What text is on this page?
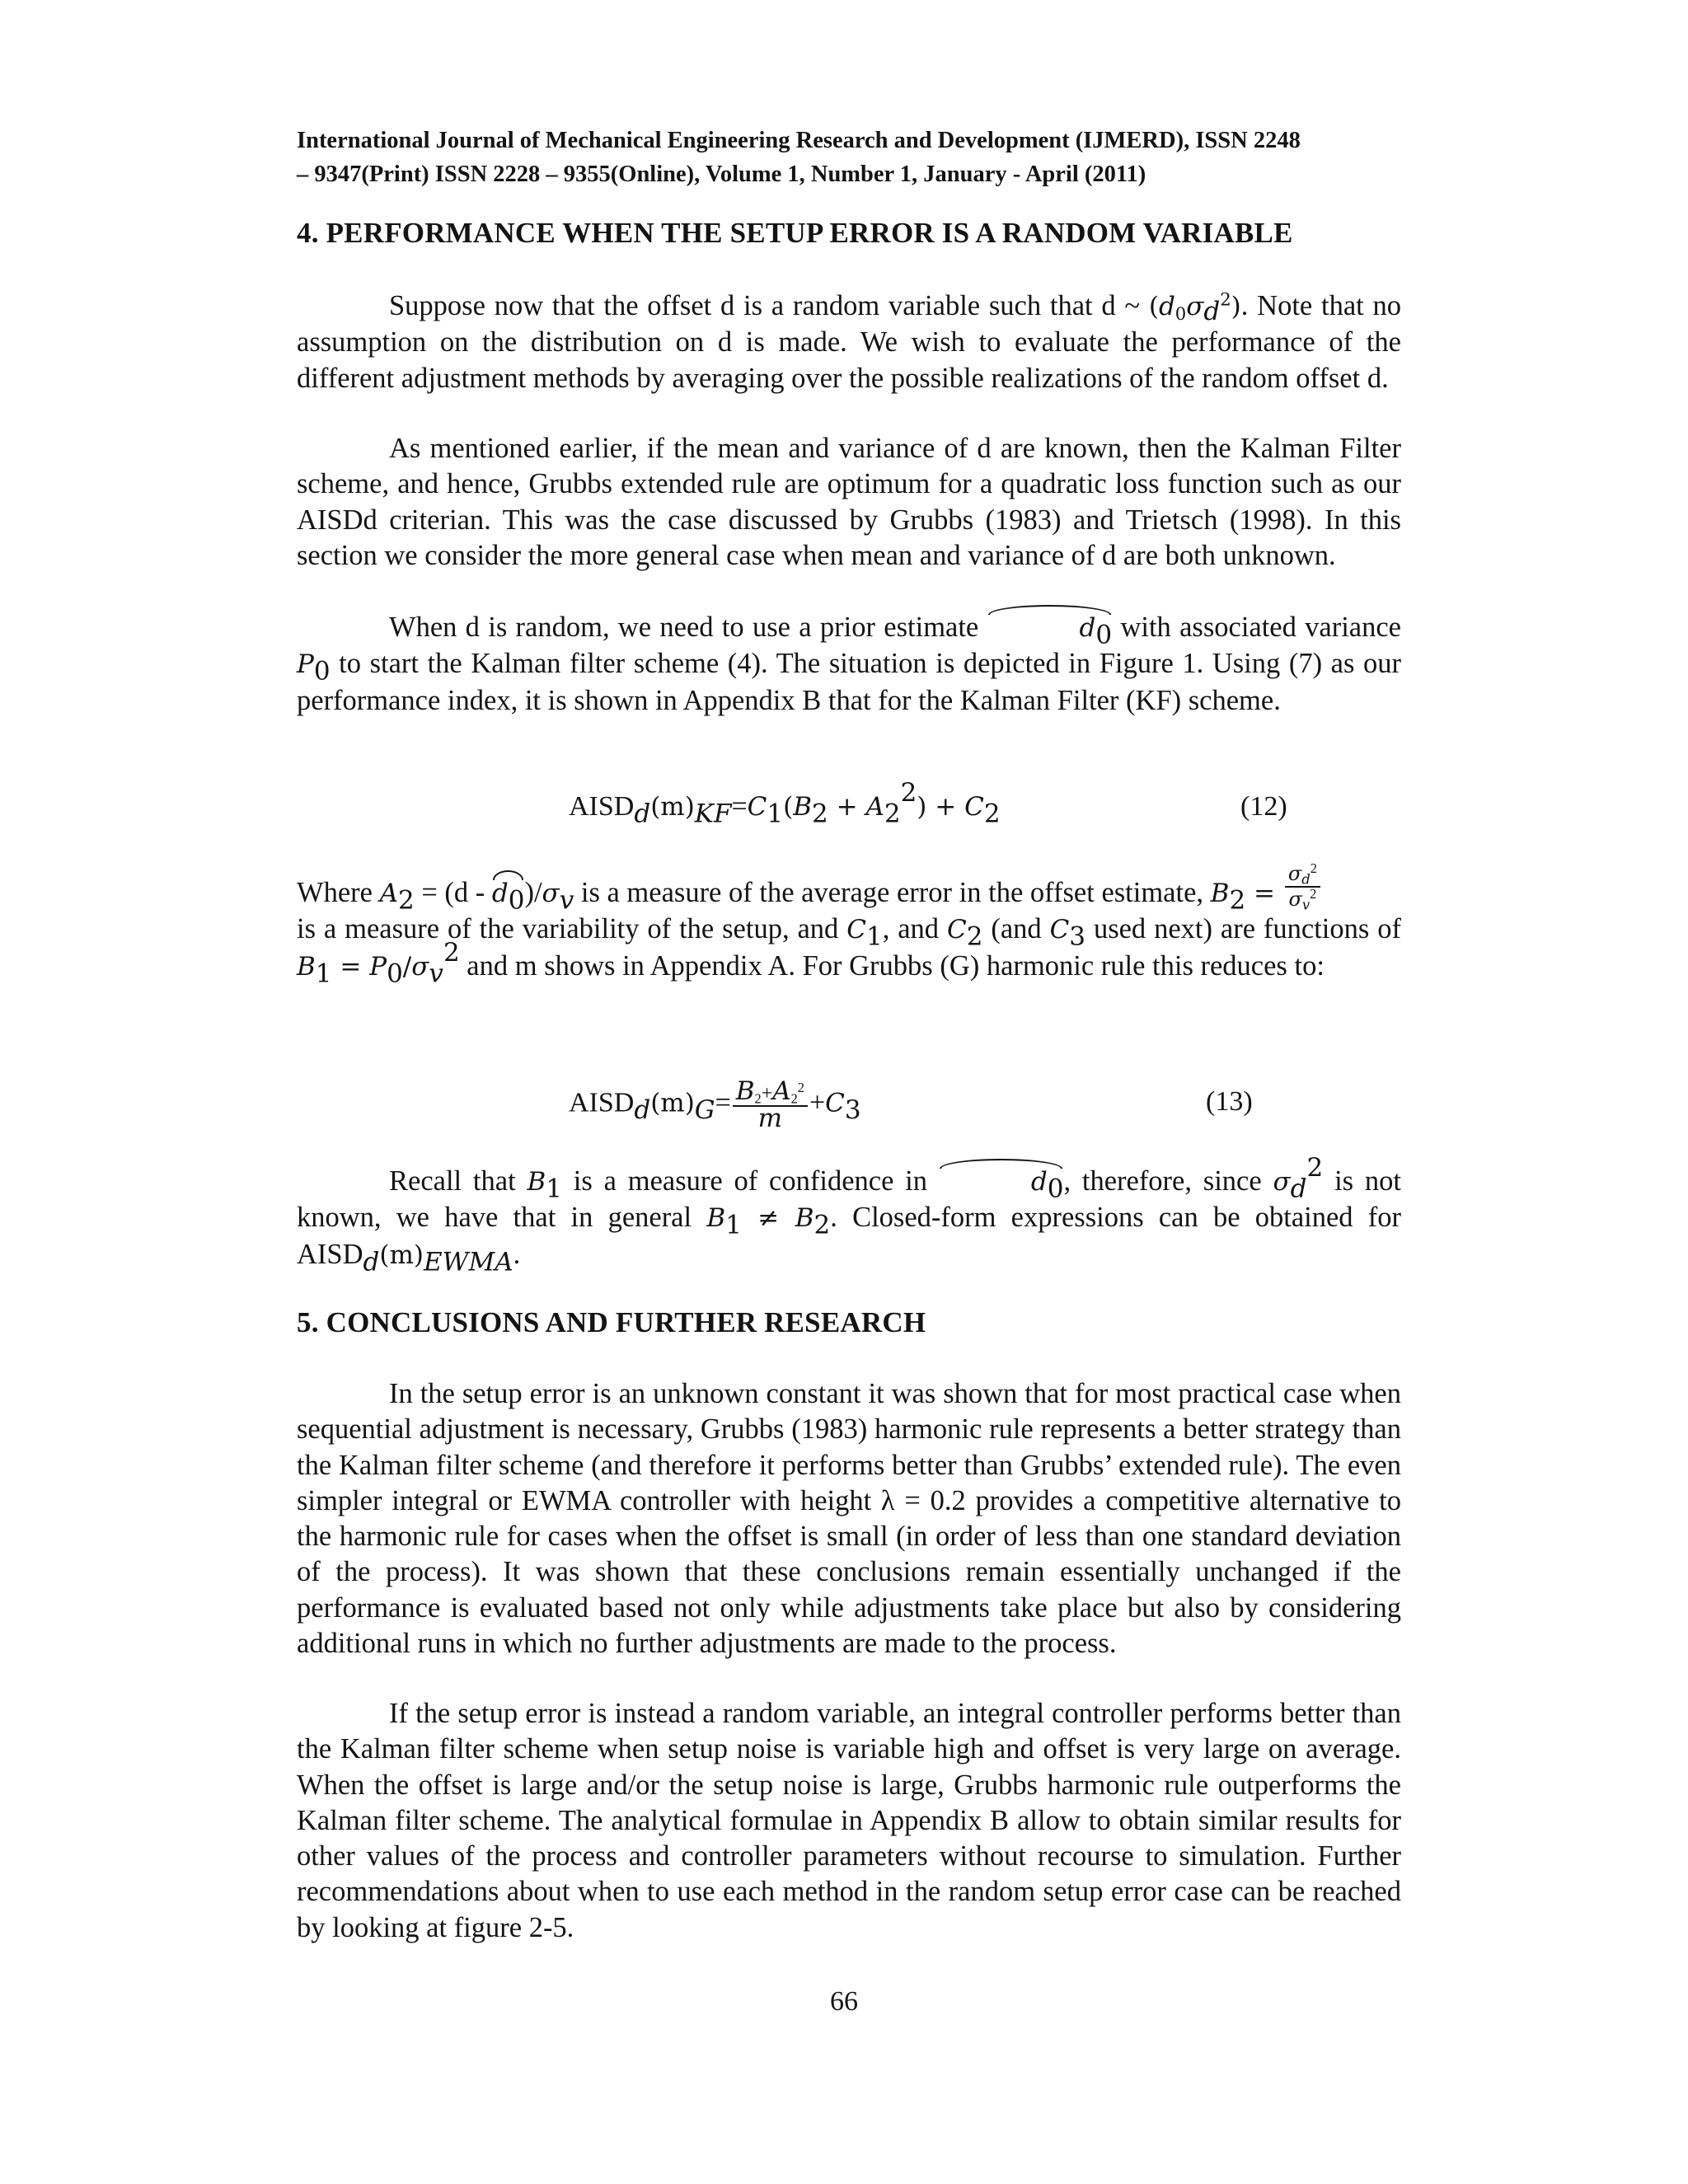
International Journal of Mechanical Engineering Research and Development (IJMERD), ISSN 2248
– 9347(Print) ISSN 2228 – 9355(Online), Volume 1, Number 1, January - April (2011)
4. PERFORMANCE WHEN THE SETUP ERROR IS A RANDOM VARIABLE

Suppose now that the offset d is a random variable such that d ~ $(d_0\sigma_d^2)$. Note that no assumption on the distribution on d is made. We wish to evaluate the performance of the different adjustment methods by averaging over the possible realizations of the random offset d.

As mentioned earlier, if the mean and variance of d are known, then the Kalman Filter scheme, and hence, Grubbs extended rule are optimum for a quadratic loss function such as our AISDd criterian. This was the case discussed by Grubbs (1983) and Trietsch (1998). In this section we consider the more general case when mean and variance of d are both unknown.

When d is random, we need to use a prior estimate	$d_0$ with associated variance $P_0$ to start the Kalman filter scheme (4). The situation is depicted in Figure 1. Using (7) as our performance index, it is shown in Appendix B that for the Kalman Filter (KF) scheme.

$AISD_d(m)_{KF}=C_1(B_2 + A_2^2) + C_2$	(12)

Where $A_2 = (d - d_0)/\sigma_v$ is a measure of the average error in the offset estimate, $B_2 = \frac{\sigma_d^2}{\sigma_v^2}$

is a measure of the variability of the setup, and $C_1$, and $C_2$ (and $C_3$ used next) are functions of $B_1 = P_0/\sigma_v^2$ and m shows in Appendix A. For Grubbs (G) harmonic rule this reduces to:

$AISD_d(m)_G= \frac{B_2+A_2^2}{m} +C_3$	(13)

Recall that $B_1$ is a measure of confidence in	$d_0$, therefore, since $\sigma_d^2$ is not known, we have that in general $B_1 \ne B_2$. Closed-form expressions can be obtained for $AISD_d(m)_{EWMA}$.

5. CONCLUSIONS AND FURTHER RESEARCH

In the setup error is an unknown constant it was shown that for most practical case when sequential adjustment is necessary, Grubbs (1983) harmonic rule represents a better strategy than the Kalman filter scheme (and therefore it performs better than Grubbs’ extended rule). The even simpler integral or EWMA controller with height λ = 0.2 provides a competitive alternative to the harmonic rule for cases when the offset is small (in order of less than one standard deviation of the process). It was shown that these conclusions remain essentially unchanged if the performance is evaluated based not only while adjustments take place but also by considering additional runs in which no further adjustments are made to the process.

If the setup error is instead a random variable, an integral controller performs better than the Kalman filter scheme when setup noise is variable high and offset is very large on average. When the offset is large and/or the setup noise is large, Grubbs harmonic rule outperforms the Kalman filter scheme. The analytical formulae in Appendix B allow to obtain similar results for other values of the process and controller parameters without recourse to simulation. Further recommendations about when to use each method in the random setup error case can be reached by looking at figure 2-5.

66
